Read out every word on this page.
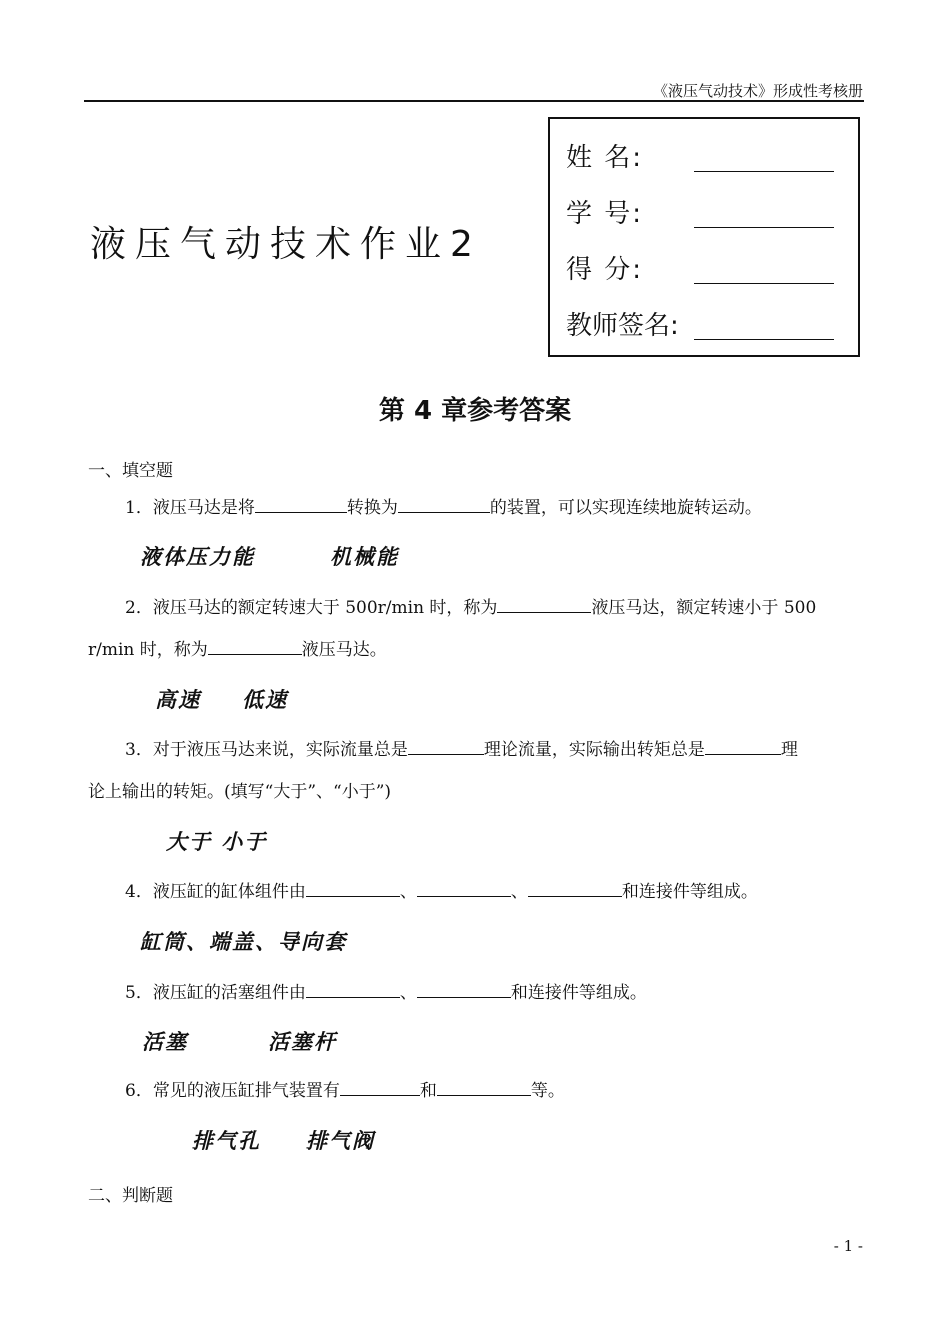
《液压气动技术》形成性考核册
液压气动技术作业2
姓 名:
学 号:
得 分:
教师签名:
第 4 章参考答案
一、填空题

1．液压马达是将	转换为	的装置，可以实现连续地旋转运动。

液体压力能	机械能

2．液压马达的额定转速大于 500r/min 时，称为	液压马达，额定转速小于 500

r/min 时，称为	液压马达。

高速 低速

3．对于液压马达来说，实际流量总是	理论流量，实际输出转矩总是	理

论上输出的转矩。(填写“大于”、“小于”)

大于 小于

4．液压缸的缸体组件由	、	、	和连接件等组成。

缸筒、端盖、导向套

5．液压缸的活塞组件由	、	和连接件等组成。

活塞	活塞杆

6．常见的液压缸排气装置有	和	等。

排气孔 排气阀
二、判断题
- 1 -
